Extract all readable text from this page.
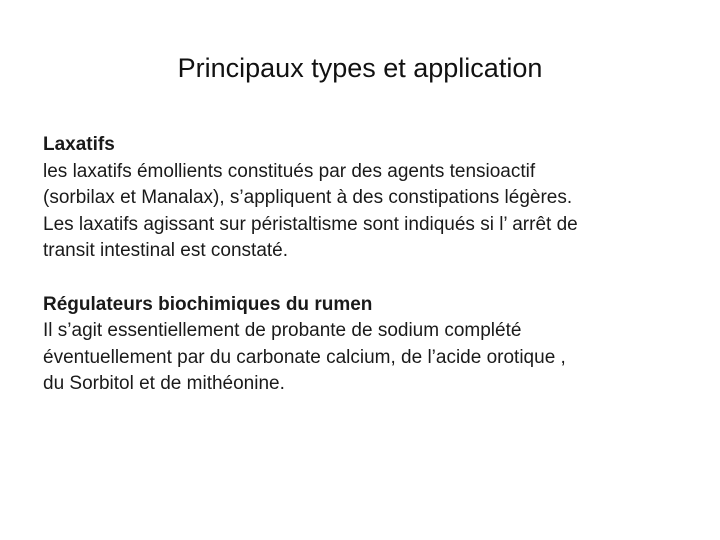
Principaux types et application
Laxatifs
les laxatifs émollients constitués par des agents tensioactif
(sorbilax et Manalax), s’appliquent à des constipations légères.
Les laxatifs agissant sur péristaltisme sont indiqués si l’ arrêt de
transit intestinal est constaté.
Régulateurs biochimiques du rumen
Il s’agit essentiellement de probante de sodium complété
éventuellement par du carbonate calcium, de l’acide orotique ,
du Sorbitol et de mithéonine.
